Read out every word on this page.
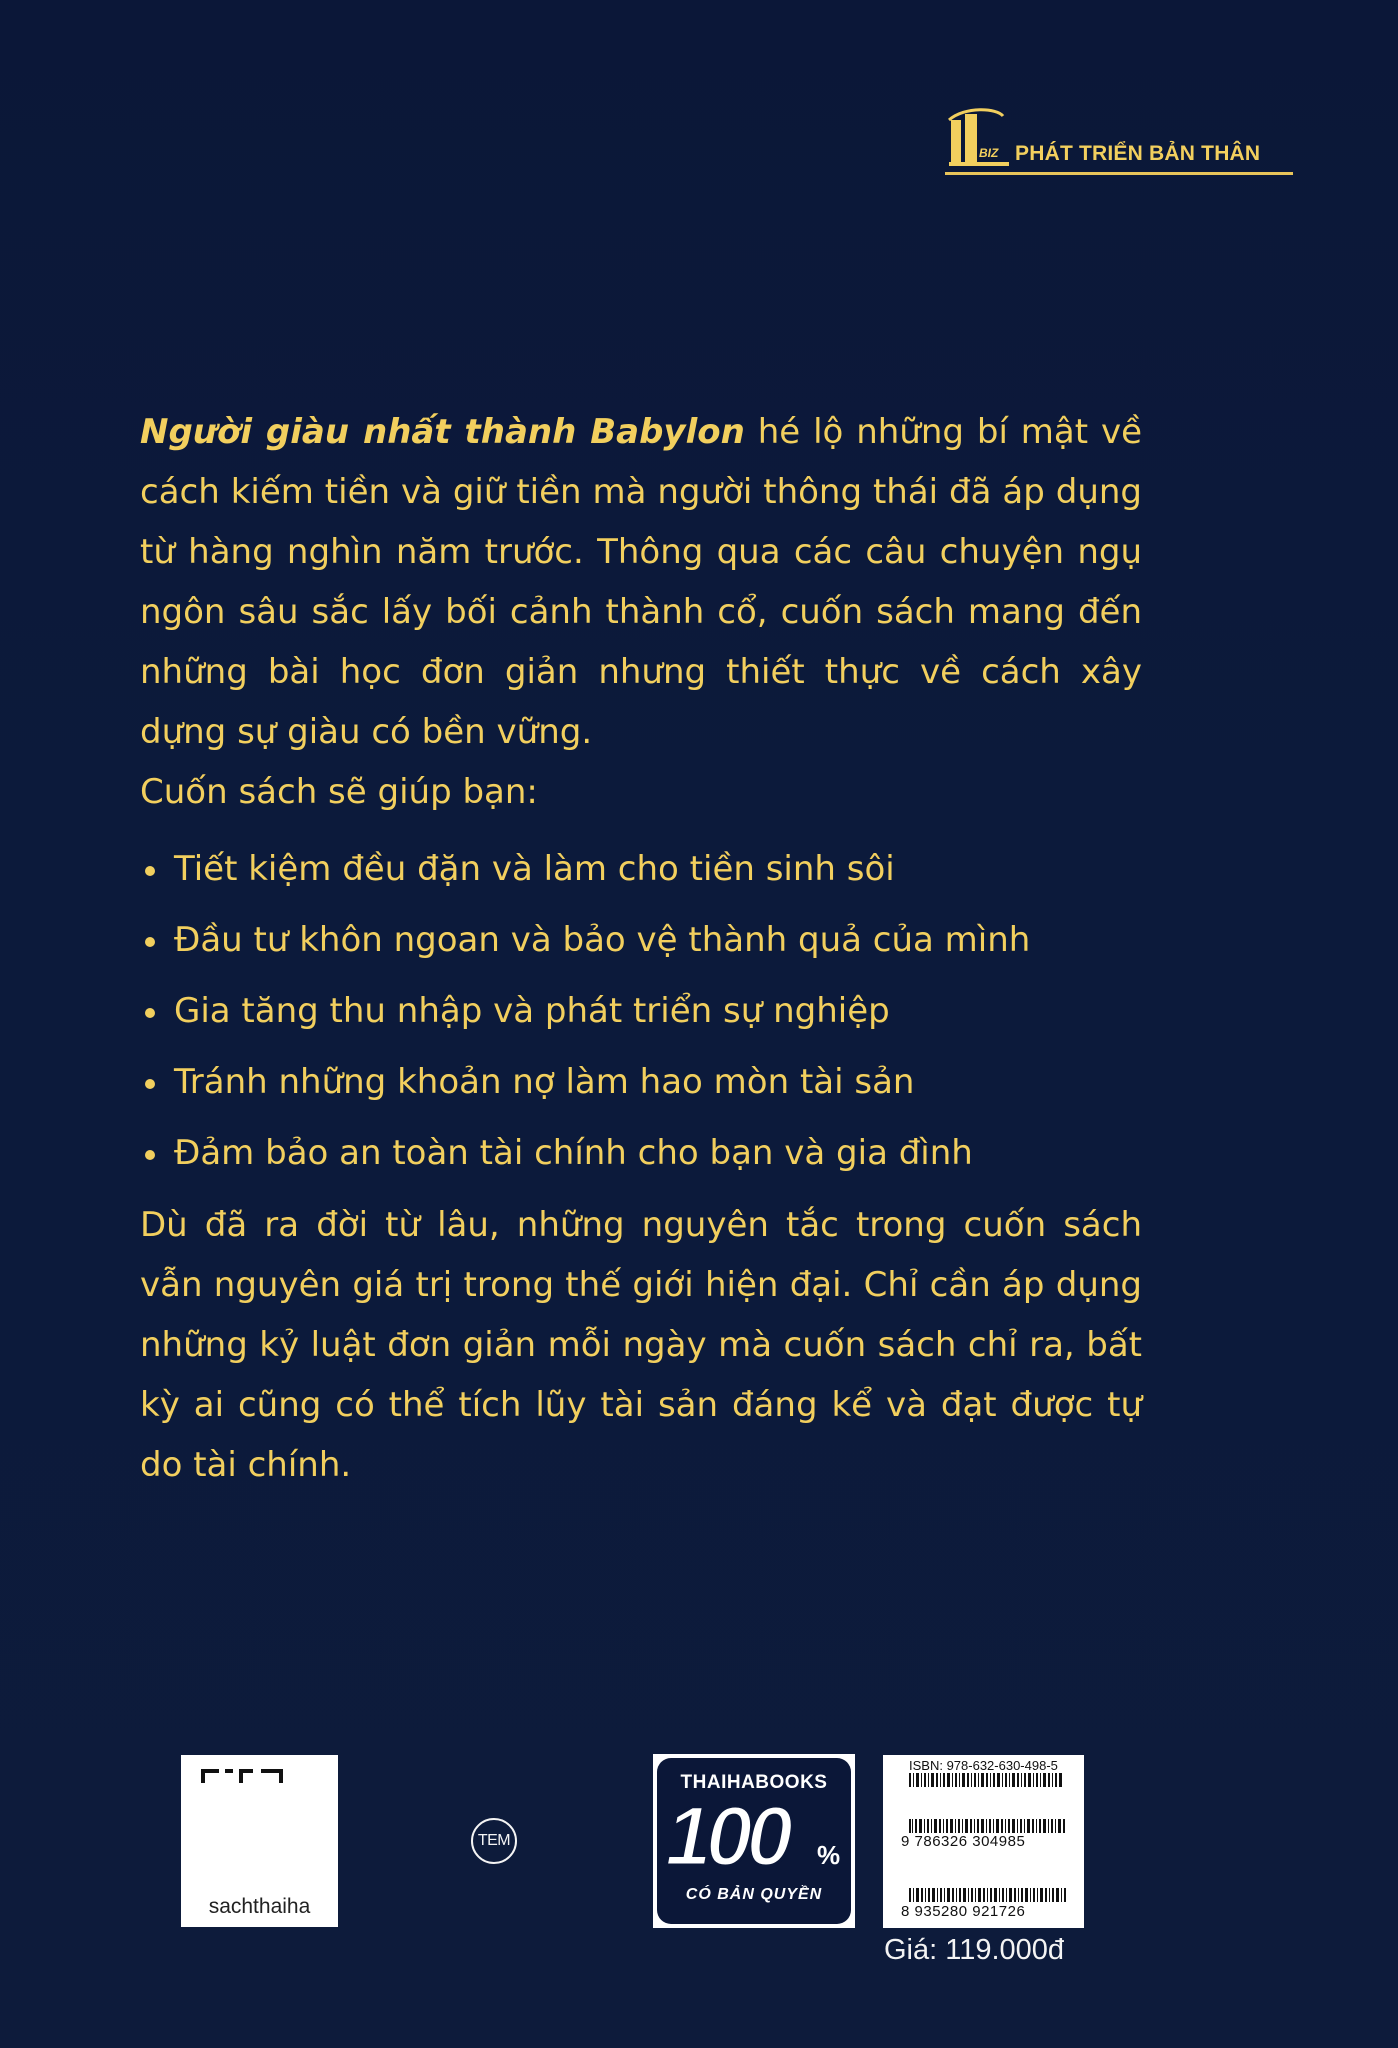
BIZ PHÁT TRIỂN BẢN THÂN

Người giàu nhất thành Babylon hé lộ những bí mật về cách kiếm tiền và giữ tiền mà người thông thái đã áp dụng từ hàng nghìn năm trước. Thông qua các câu chuyện ngụ ngôn sâu sắc lấy bối cảnh thành cổ, cuốn sách mang đến những bài học đơn giản nhưng thiết thực về cách xây dựng sự giàu có bền vững.

Cuốn sách sẽ giúp bạn:

Tiết kiệm đều đặn và làm cho tiền sinh sôi
Đầu tư khôn ngoan và bảo vệ thành quả của mình
Gia tăng thu nhập và phát triển sự nghiệp
Tránh những khoản nợ làm hao mòn tài sản
Đảm bảo an toàn tài chính cho bạn và gia đình

Dù đã ra đời từ lâu, những nguyên tắc trong cuốn sách vẫn nguyên giá trị trong thế giới hiện đại. Chỉ cần áp dụng những kỷ luật đơn giản mỗi ngày mà cuốn sách chỉ ra, bất kỳ ai cũng có thể tích lũy tài sản đáng kể và đạt được tự do tài chính.

sachthaiha
TEM
THAIHABOOKS
100 %
CÓ BẢN QUYỀN
ISBN: 978-632-630-498-5
9 786326 304985
8 935280 921726
Giá: 119.000đ
